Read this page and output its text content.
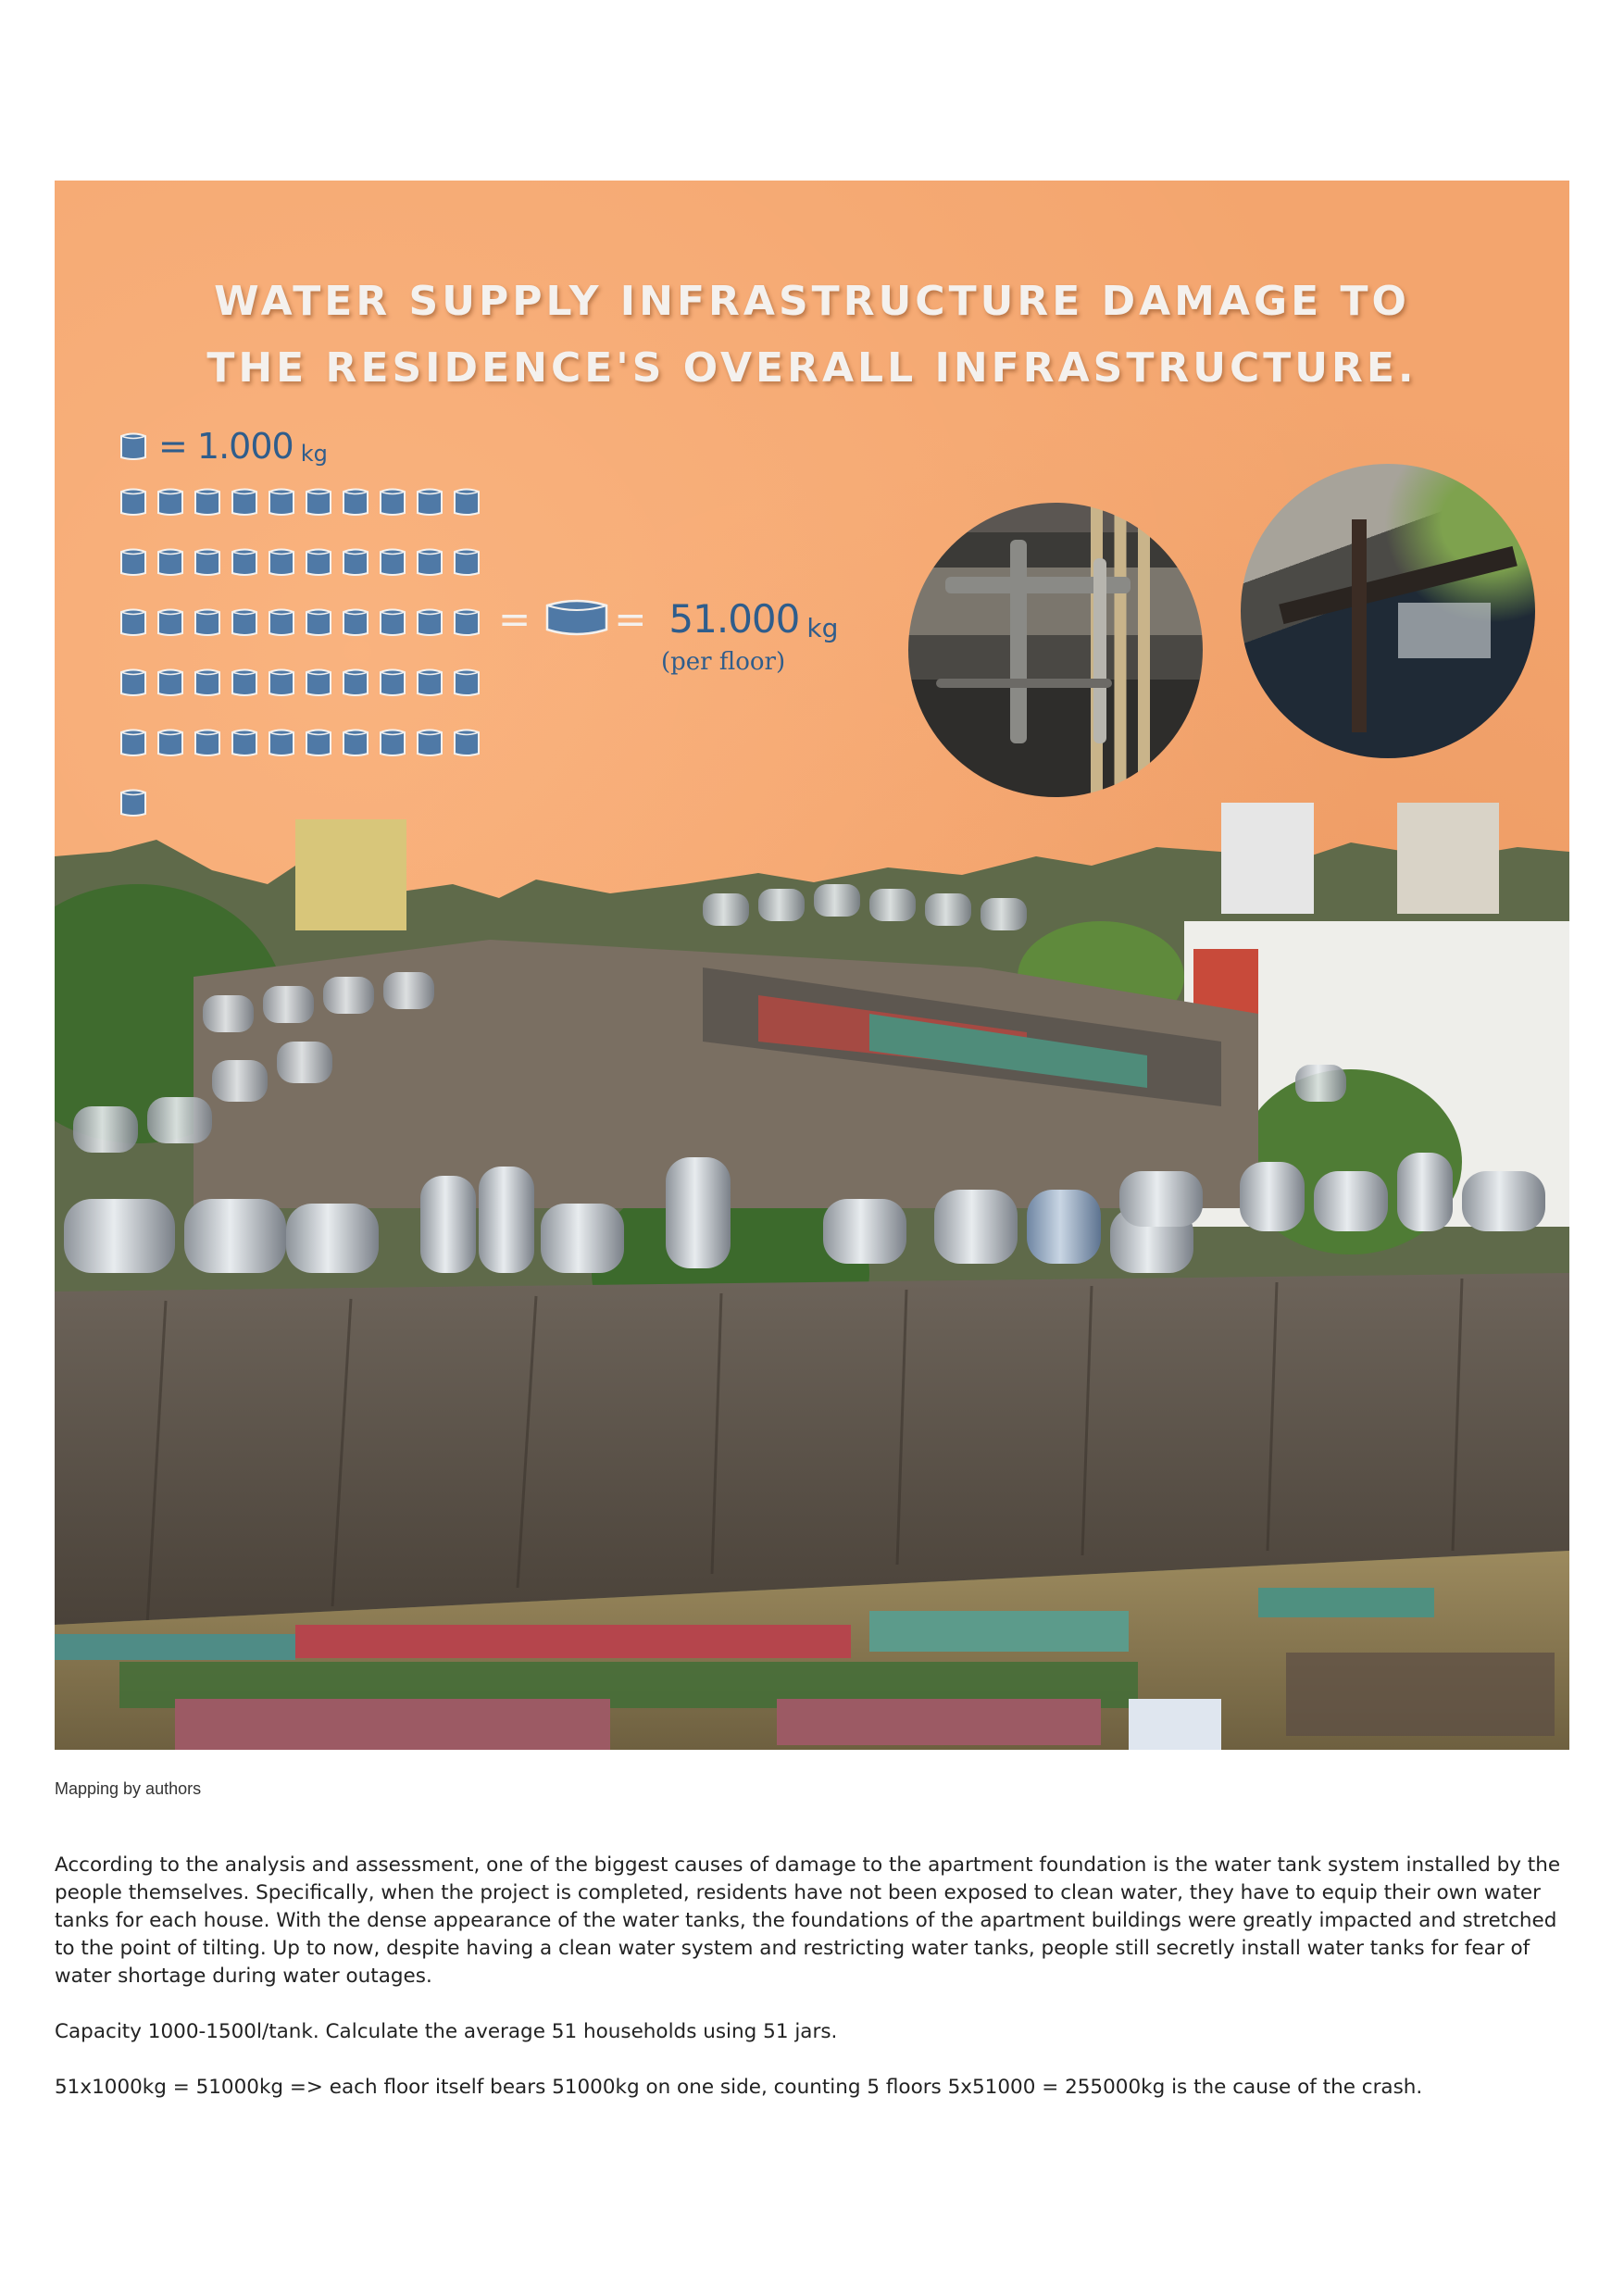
WATER SUPPLY INFRASTRUCTURE DAMAGE TO
THE RESIDENCE'S OVERALL INFRASTRUCTURE.
= 1.000 kg
= = 51.000 kg
(per floor)
Mapping by authors

According to the analysis and assessment, one of the biggest causes of damage to the apartment foundation is the water tank system installed by the people themselves. Specifically, when the project is completed, residents have not been exposed to clean water, they have to equip their own water tanks for each house. With the dense appearance of the water tanks, the foundations of the apartment buildings were greatly impacted and stretched to the point of tilting. Up to now, despite having a clean water system and restricting water tanks, people still secretly install water tanks for fear of water shortage during water outages.

Capacity 1000-1500l/tank. Calculate the average 51 households using 51 jars.

51x1000kg = 51000kg => each floor itself bears 51000kg on one side, counting 5 floors 5x51000 = 255000kg is the cause of the crash.
